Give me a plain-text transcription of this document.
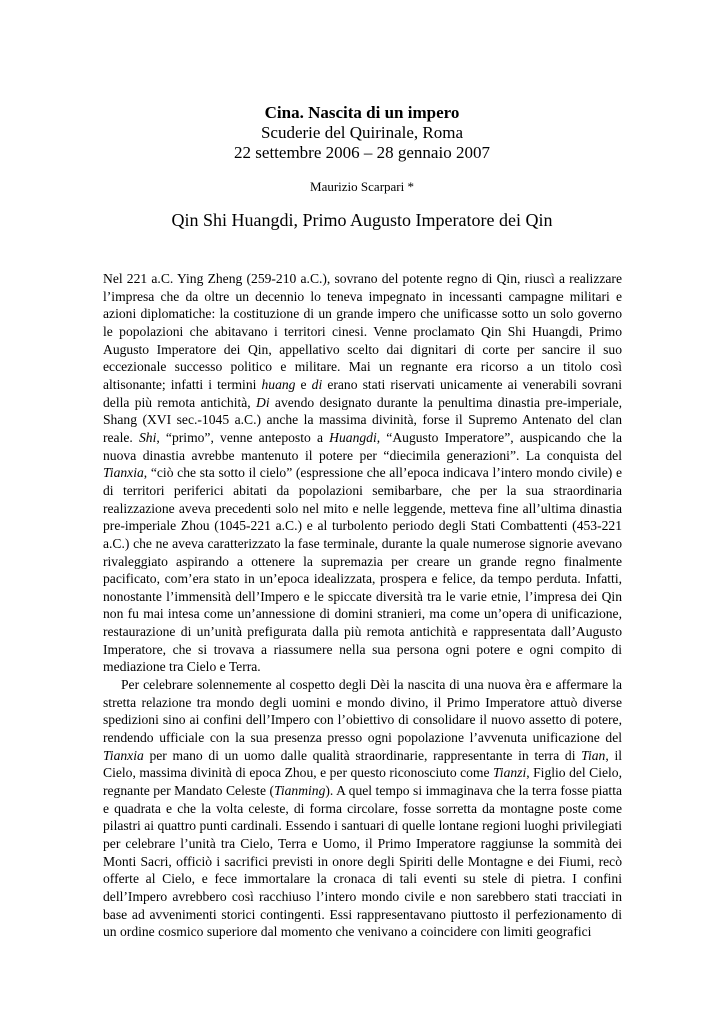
Cina. Nascita di un impero
Scuderie del Quirinale, Roma
22 settembre 2006 – 28 gennaio 2007
Maurizio Scarpari *
Qin Shi Huangdi, Primo Augusto Imperatore dei Qin

Nel 221 a.C. Ying Zheng (259-210 a.C.), sovrano del potente regno di Qin, riuscì a realizzare l’impresa che da oltre un decennio lo teneva impegnato in incessanti campagne militari e azioni diplomatiche: la costituzione di un grande impero che unificasse sotto un solo governo le popolazioni che abitavano i territori cinesi. Venne proclamato Qin Shi Huangdi, Primo Augusto Imperatore dei Qin, appellativo scelto dai dignitari di corte per sancire il suo eccezionale successo politico e militare. Mai un regnante era ricorso a un titolo così altisonante; infatti i termini huang e di erano stati riservati unicamente ai venerabili sovrani della più remota antichità, Di avendo designato durante la penultima dinastia pre-imperiale, Shang (XVI sec.-1045 a.C.) anche la massima divinità, forse il Supremo Antenato del clan reale. Shi, “primo”, venne anteposto a Huangdi, “Augusto Imperatore”, auspicando che la nuova dinastia avrebbe mantenuto il potere per “diecimila generazioni”. La conquista del Tianxia, “ciò che sta sotto il cielo” (espressione che all’epoca indicava l’intero mondo civile) e di territori periferici abitati da popolazioni semibarbare, che per la sua straordinaria realizzazione aveva precedenti solo nel mito e nelle leggende, metteva fine all’ultima dinastia pre-imperiale Zhou (1045-221 a.C.) e al turbolento periodo degli Stati Combattenti (453-221 a.C.) che ne aveva caratterizzato la fase terminale, durante la quale numerose signorie avevano rivaleggiato aspirando a ottenere la supremazia per creare un grande regno finalmente pacificato, com’era stato in un’epoca idealizzata, prospera e felice, da tempo perduta. Infatti, nonostante l’immensità dell’Impero e le spiccate diversità tra le varie etnie, l’impresa dei Qin non fu mai intesa come un’annessione di domini stranieri, ma come un’opera di unificazione, restaurazione di un’unità prefigurata dalla più remota antichità e rappresentata dall’Augusto Imperatore, che si trovava a riassumere nella sua persona ogni potere e ogni compito di mediazione tra Cielo e Terra.

Per celebrare solennemente al cospetto degli Dèi la nascita di una nuova èra e affermare la stretta relazione tra mondo degli uomini e mondo divino, il Primo Imperatore attuò diverse spedizioni sino ai confini dell’Impero con l’obiettivo di consolidare il nuovo assetto di potere, rendendo ufficiale con la sua presenza presso ogni popolazione l’avvenuta unificazione del Tianxia per mano di un uomo dalle qualità straordinarie, rappresentante in terra di Tian, il Cielo, massima divinità di epoca Zhou, e per questo riconosciuto come Tianzi, Figlio del Cielo, regnante per Mandato Celeste (Tianming). A quel tempo si immaginava che la terra fosse piatta e quadrata e che la volta celeste, di forma circolare, fosse sorretta da montagne poste come pilastri ai quattro punti cardinali. Essendo i santuari di quelle lontane regioni luoghi privilegiati per celebrare l’unità tra Cielo, Terra e Uomo, il Primo Imperatore raggiunse la sommità dei Monti Sacri, officiò i sacrifici previsti in onore degli Spiriti delle Montagne e dei Fiumi, recò offerte al Cielo, e fece immortalare la cronaca di tali eventi su stele di pietra. I confini dell’Impero avrebbero così racchiuso l’intero mondo civile e non sarebbero stati tracciati in base ad avvenimenti storici contingenti. Essi rappresentavano piuttosto il perfezionamento di un ordine cosmico superiore dal momento che venivano a coincidere con limiti geografici
